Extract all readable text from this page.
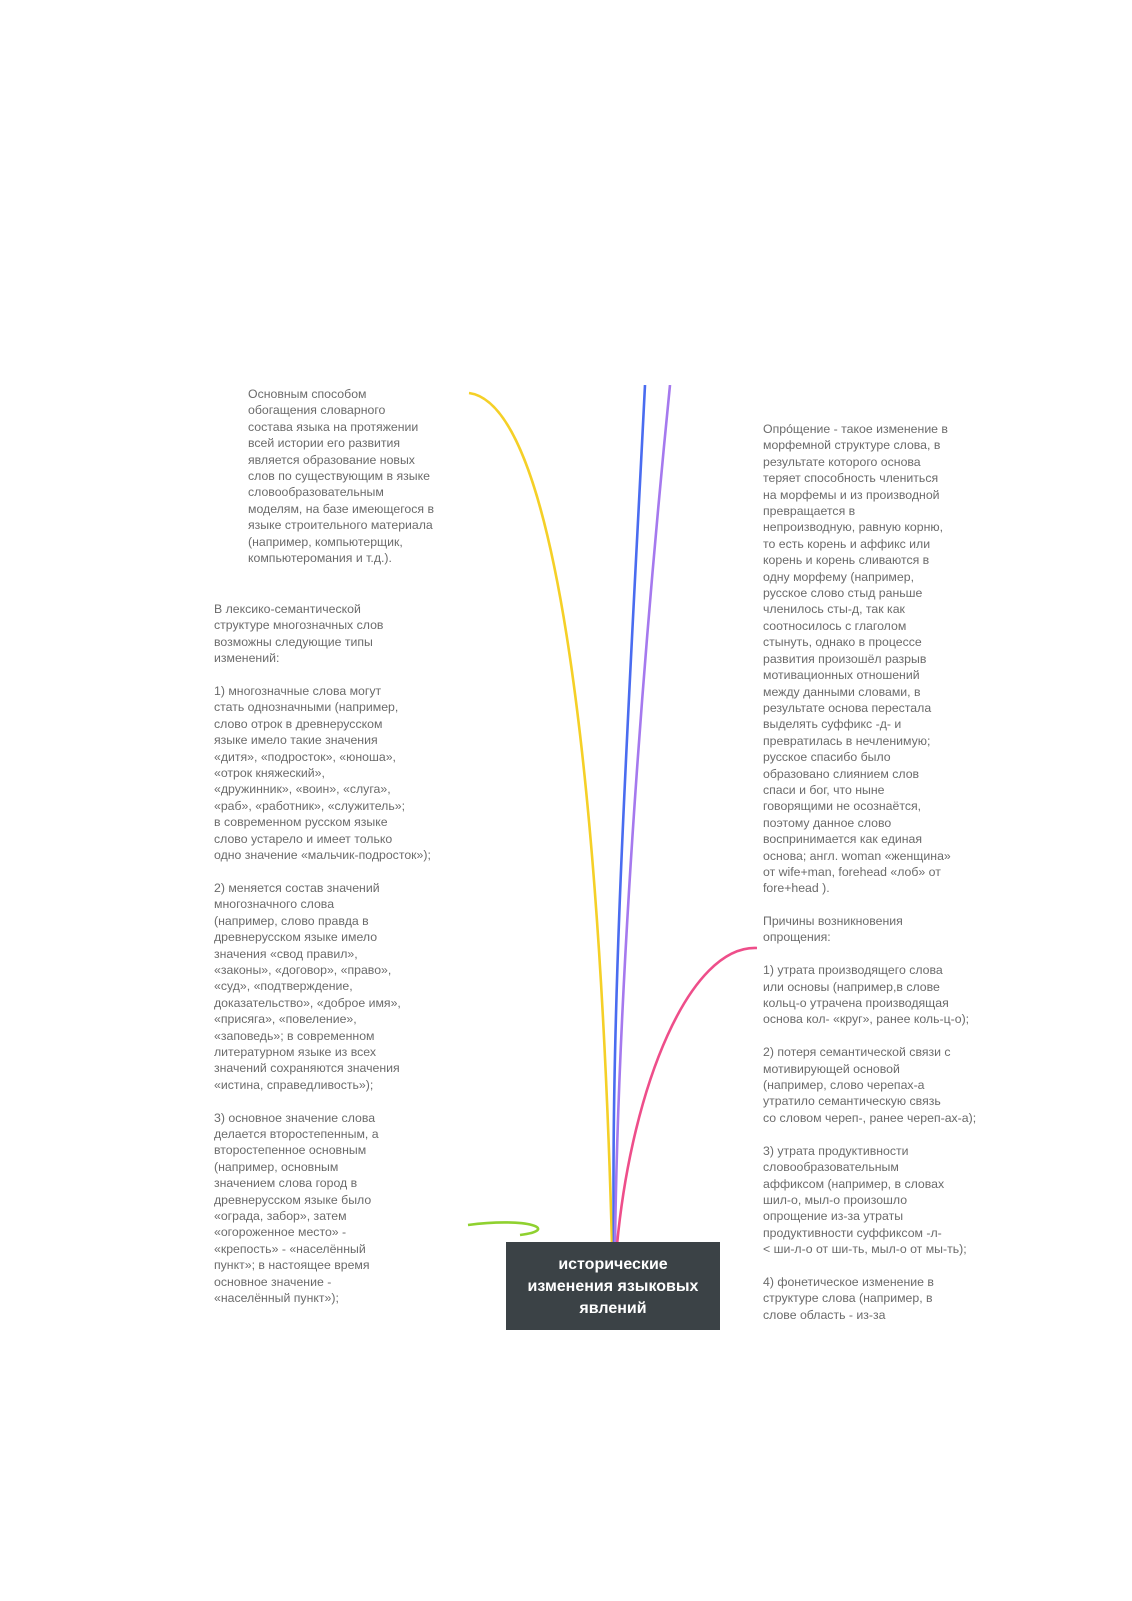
Основным способом
обогащения словарного
состава языка на протяжении
всей истории его развития
является образование новых
слов по существующим в языке
словообразовательным
моделям, на базе имеющегося в
языке строительного материала
(например, компьютерщик,
компьютеромания и т.д.).
В лексико-семантической
структуре многозначных слов
возможны следующие типы
изменений:

1) многозначные слова могут
стать однозначными (например,
слово отрок в древнерусском
языке имело такие значения
«дитя», «подросток», «юноша»,
«отрок княжеский»,
«дружинник», «воин», «слуга»,
«раб», «работник», «служитель»;
в современном русском языке
слово устарело и имеет только
одно значение «мальчик-подросток»);

2) меняется состав значений
многозначного слова
(например, слово правда в
древнерусском языке имело
значения «свод правил»,
«законы», «договор», «право»,
«суд», «подтверждение,
доказательство», «доброе имя»,
«присяга», «повеление»,
«заповедь»; в современном
литературном языке из всех
значений сохраняются значения
«истина, справедливость»);

3) основное значение слова
делается второстепенным, а
второстепенное основным
(например, основным
значением слова город в
древнерусском языке было
«ограда, забор», затем
«огороженное место» -
«крепость» - «населённый
пункт»; в настоящее время
основное значение -
«населённый пункт»);
Опрóщение - такое изменение в
морфемной структуре слова, в
результате которого основа
теряет способность члениться
на морфемы и из производной
превращается в
непроизводную, равную корню,
то есть корень и аффикс или
корень и корень сливаются в
одну морфему (например,
русское слово стыд раньше
членилось сты-д, так как
соотносилось с глаголом
стынуть, однако в процессе
развития произошёл разрыв
мотивационных отношений
между данными словами, в
результате основа перестала
выделять суффикс -д- и
превратилась в нечленимую;
русское спасибо было
образовано слиянием слов
спаси и бог, что ныне
говорящими не осознаётся,
поэтому данное слово
воспринимается как единая
основа; англ. woman «женщина»
от wife+man, forehead «лоб» от
fore+head ).
Причины возникновения
опрощения:

1) утрата производящего слова
или основы (например,в слове
кольц-о утрачена производящая
основа кол- «круг», ранее коль-ц-о);

2) потеря семантической связи с
мотивирующей основой
(например, слово черепах-а
утратило семантическую связь
со словом череп-, ранее череп-ах-а);

3) утрата продуктивности
словообразовательным
аффиксом (например, в словах
шил-о, мыл-о произошло
опрощение из-за утраты
продуктивности суффиксом -л-
< ши-л-о от ши-ть, мыл-о от мы-ть);

4) фонетическое изменение в
структуре слова (например, в
слове область - из-за
исторические
изменения языковых
явлений
